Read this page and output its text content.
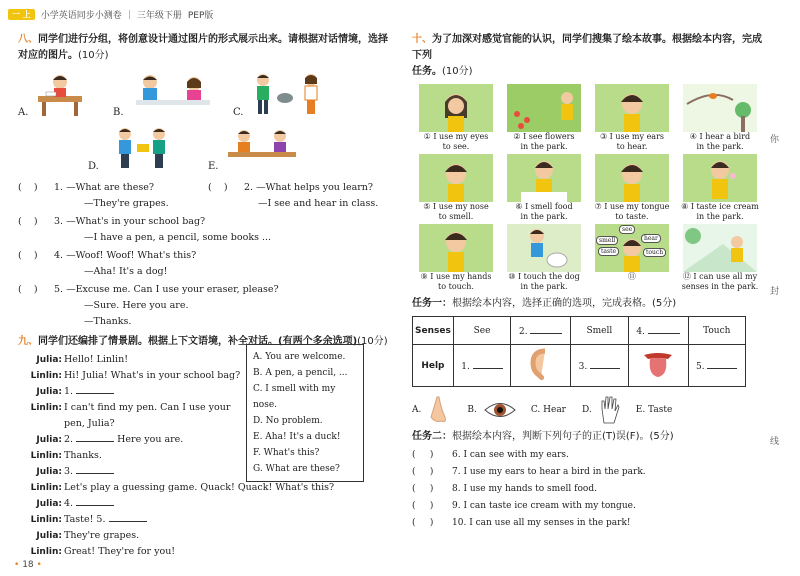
一 上	小学英语同步小测卷 | 三年级下册 PEP版
八、同学们进行分组，将创意设计通过图片的形式展示出来。请根据对话情境，选择
对应的图片。(10分)
A.	B.	C.
D.	E.
( )	1. —What are these?	( )	2. —What helps you learn?
—They're grapes.	—I see and hear in class.
( )	3. —What's in your school bag?
—I have a pen, a pencil, some books ...
( )	4. —Woof! Woof! What's this?
—Aha! It's a dog!
( )	5. —Excuse me. Can I use your eraser, please?
—Sure. Here you are.
—Thanks.
九、同学们还编排了情景剧。根据上下文语境，补全对话。(有两个多余选项)(10分)
Julia: Hello! Linlin!
Linlin: Hi! Julia! What's in your school bag?
Julia: 1.
Linlin: I can't find my pen. Can I use your
pen, Julia?
Julia: 2.	Here you are.
Linlin: Thanks.
Julia: 3.
Linlin: Let's play a guessing game. Quack! Quack! What's this?
Julia: 4.
Linlin: Taste! 5.
Julia: They're grapes.
Linlin: Great! They're for you!
A. You are welcome.
B. A pen, a pencil, ...
C. I smell with my nose.
D. No problem.
E. Aha! It's a duck!
F. What's this?
G. What are these?
十、为了加深对感觉官能的认识，同学们搜集了绘本故事。根据绘本内容，完成下列
任务。(10分)
① I use my eyes
to see.
② I see flowers
in the park.
③ I use my ears
to hear.
④ I hear a bird
in the park.
⑤ I use my nose
to smell.
⑥ I smell food
in the park.
⑦ I use my tongue
to taste.
⑧ I taste ice cream
in the park.
⑨ I use my hands
to touch.
⑩ I touch the dog
in the park.
see
smell	hear
taste	touch
⑪	⑫ I can use all my
senses in the park.
任务一：根据绘本内容，选择正确的选项，完成表格。(5分)
Senses	See	2.	Smell	4.	Touch
Help	1.		3.		5.
A.	B.	C. Hear D.	E. Taste
任务二：根据绘本内容，判断下列句子的正(T)误(F)。(5分)
(     ) 6. I can see with my ears.
(     ) 7. I use my ears to hear a bird in the park.
(     ) 8. I use my hands to smell food.
(     ) 9. I can taste ice cream with my tongue.
(     ) 10. I can use all my senses in the park!
你
封
线
• 18 •
